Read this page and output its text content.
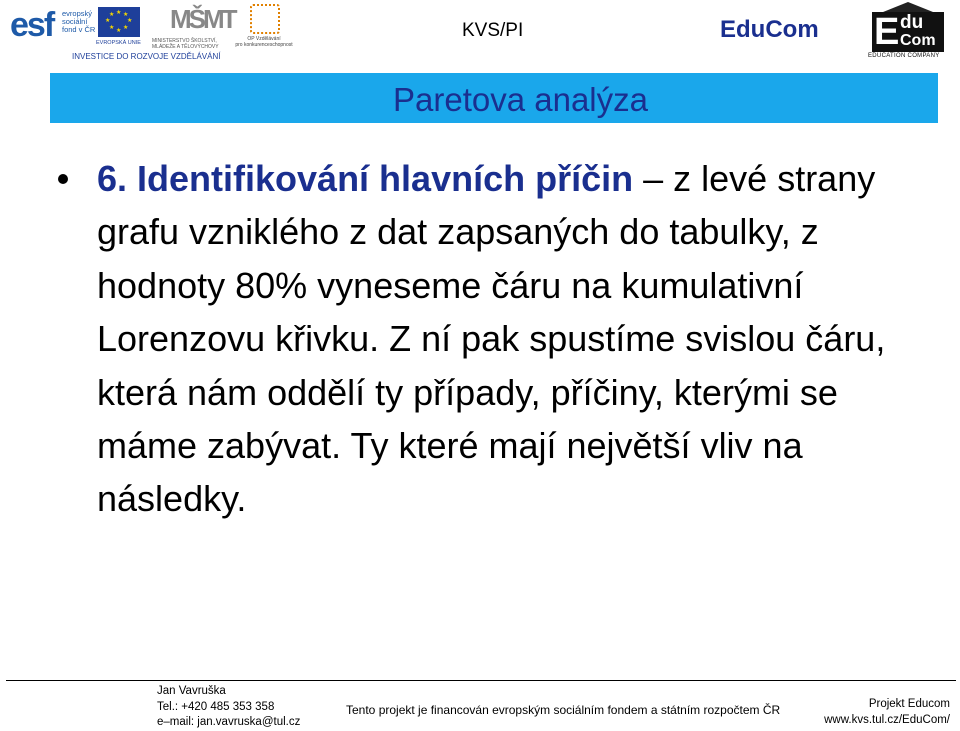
esf evropský
sociální
fond v ČR
★ ★
★
★
★
★
★
★
EVROPSKÁ UNIE
MŠMT
MINISTERSTVO ŠKOLSTVÍ,
MLÁDEŽE A TĚLOVÝCHOVY
OP Vzdělávání
pro konkurenceschopnost
INVESTICE DO ROZVOJE VZDĚLÁVÁNÍ
KVS/PI	EduCom E du
Com
EDUCATION COMPANY
Paretova analýza
6. Identifikování hlavních příčin – z levé strany grafu vzniklého z dat zapsaných do tabulky, z hodnoty 80% vyneseme čáru na kumulativní Lorenzovu křivku. Z ní pak spustíme svislou čáru, která nám oddělí ty případy, příčiny, kterými se máme zabývat. Ty které mají největší vliv na následky.
Jan Vavruška
Tel.: +420 485 353 358
e–mail: jan.vavruska@tul.cz
Tento projekt je financován evropským sociálním fondem a státním rozpočtem ČR	Projekt Educom
www.kvs.tul.cz/EduCom/
